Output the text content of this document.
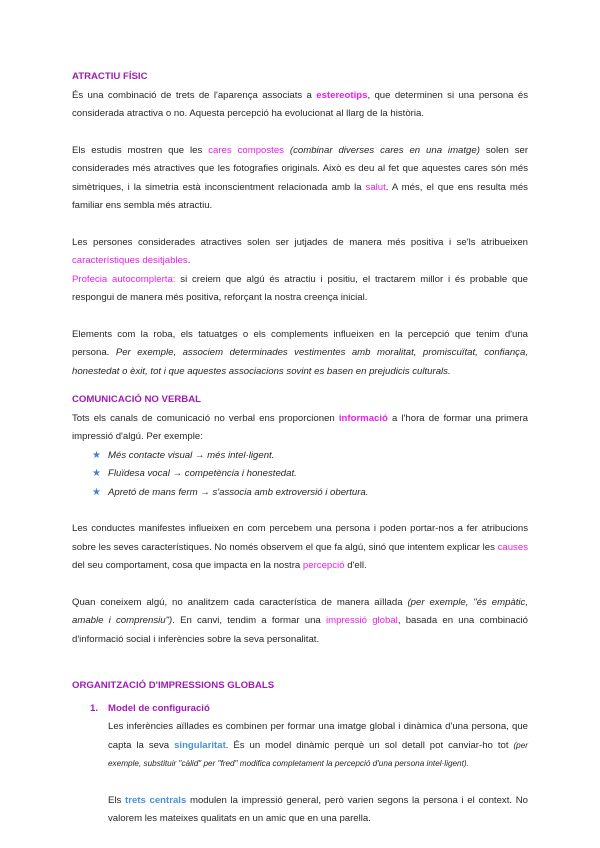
ATRACTIU FÍSIC

És una combinació de trets de l'aparença associats a estereotips, que determinen si una persona és considerada atractiva o no. Aquesta percepció ha evolucionat al llarg de la història.

Els estudis mostren que les cares compostes (combinar diverses cares en una imatge) solen ser considerades més atractives que les fotografies originals. Això es deu al fet que aquestes cares són més simètriques, i la simetria està inconscientment relacionada amb la salut. A més, el que ens resulta més familiar ens sembla més atractiu.

Les persones considerades atractives solen ser jutjades de manera més positiva i se'ls atribueixen característiques desitjables.

Profecia autocomplerta: si creiem que algú és atractiu i positiu, el tractarem millor i és probable que respongui de manera més positiva, reforçant la nostra creença inicial.

Elements com la roba, els tatuatges o els complements influeixen en la percepció que tenim d'una persona. Per exemple, associem determinades vestimentes amb moralitat, promiscuïtat, confiança, honestedat o èxit, tot i que aquestes associacions sovint es basen en prejudicis culturals.

COMUNICACIÓ NO VERBAL

Tots els canals de comunicació no verbal ens proporcionen informació a l'hora de formar una primera impressió d'algú. Per exemple:

★ Més contacte visual → més intel·ligent.
★ Fluïdesa vocal → competència i honestedat.
★ Apretó de mans ferm → s'associa amb extroversió i obertura.

Les conductes manifestes influeixen en com percebem una persona i poden portar-nos a fer atribucions sobre les seves característiques. No només observem el que fa algú, sinó que intentem explicar les causes del seu comportament, cosa que impacta en la nostra percepció d'ell.

Quan coneixem algú, no analitzem cada característica de manera aïllada (per exemple, "és empàtic, amable i comprensiu"). En canvi, tendim a formar una impressió global, basada en una combinació d'informació social i inferències sobre la seva personalitat.

ORGANITZACIÓ D'IMPRESSIONS GLOBALS
1. Model de configuració

Les inferències aïllades es combinen per formar una imatge global i dinàmica d'una persona, que capta la seva singularitat. És un model dinàmic perquè un sol detall pot canviar-ho tot (per exemple, substituir "càlid" per "fred" modifica completament la percepció d'una persona intel·ligent).

Els trets centrals modulen la impressió general, però varien segons la persona i el context. No valorem les mateixes qualitats en un amic que en una parella.
